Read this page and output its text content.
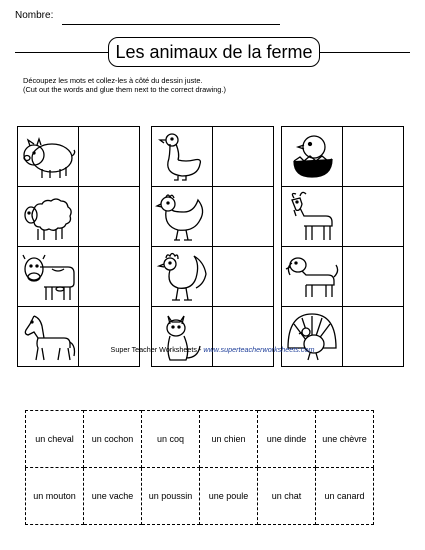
Nombre:
Les animaux de la ferme
Découpez les mots et collez-les à côté du dessin juste.
(Cut out the words and glue them next to the correct drawing.)

Super Teacher Worksheets - www.superteacherworksheets.com
un cheval	un cochon	un coq	un chien	une dinde	une chèvre
un mouton	une vache	un poussin	une poule	un chat	un canard
